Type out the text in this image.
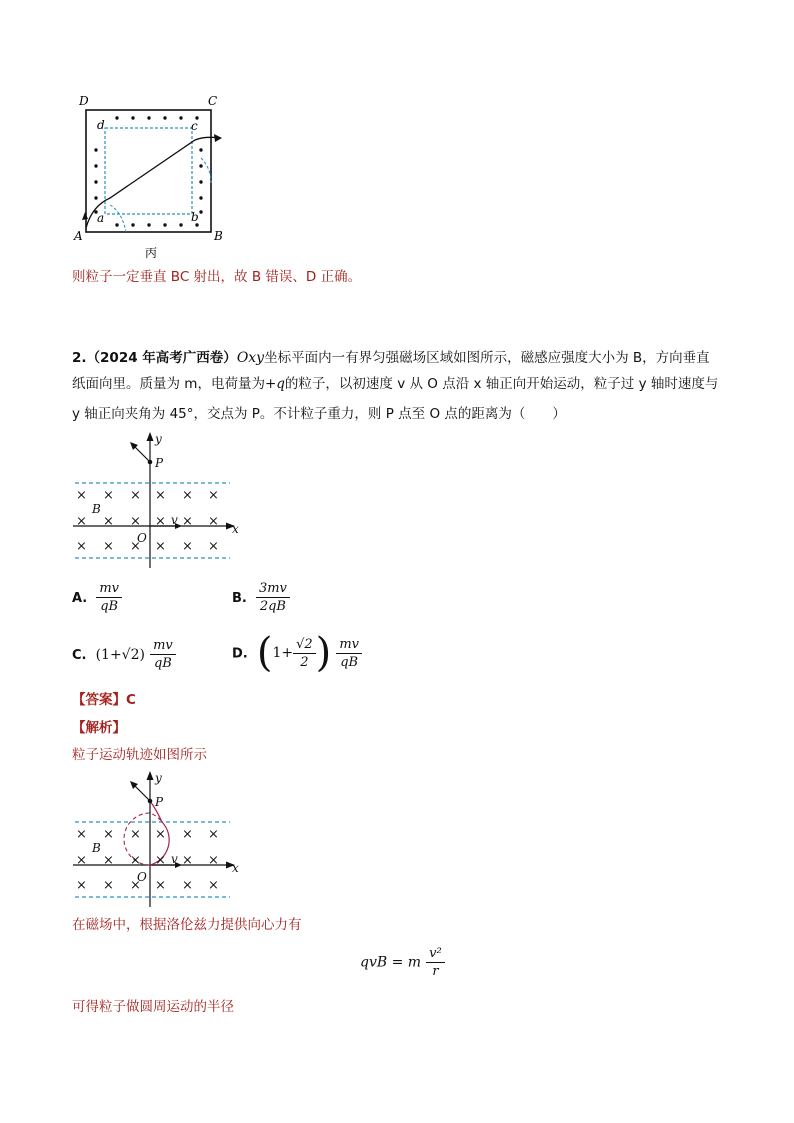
D	C
A	B
d	c
a	b
丙
则粒子一定垂直 BC 射出，故 B 错误、D 正确。
2.（2024 年高考广西卷）Oxy坐标平面内一有界匀强磁场区域如图所示，磁感应强度大小为 B，方向垂直
纸面向里。质量为 m，电荷量为+q的粒子，以初速度 v 从 O 点沿 x 轴正向开始运动，粒子过 y 轴时速度与
y 轴正向夹角为 45°，交点为 P。不计粒子重力，则 P 点至 O 点的距离为（　　）
× × × × × ×
× × × × × ×
× × × × × ×
y
x
P
B
v
O
A. $\frac{mv}{qB}$	B. $\frac{3mv}{2qB}$
C. $(1+√2) \frac{mv}{qB}$	D. ($1+ \frac{√2}{2}$ ) $\frac{mv}{qB}$
【答案】C
【解析】
粒子运动轨迹如图所示
× × × × × ×
× × × × × ×
× × × × × ×
y
x
P
B
v
O
在磁场中，根据洛伦兹力提供向心力有
qvB = m $\frac{\text{v²}}{r}$
可得粒子做圆周运动的半径
